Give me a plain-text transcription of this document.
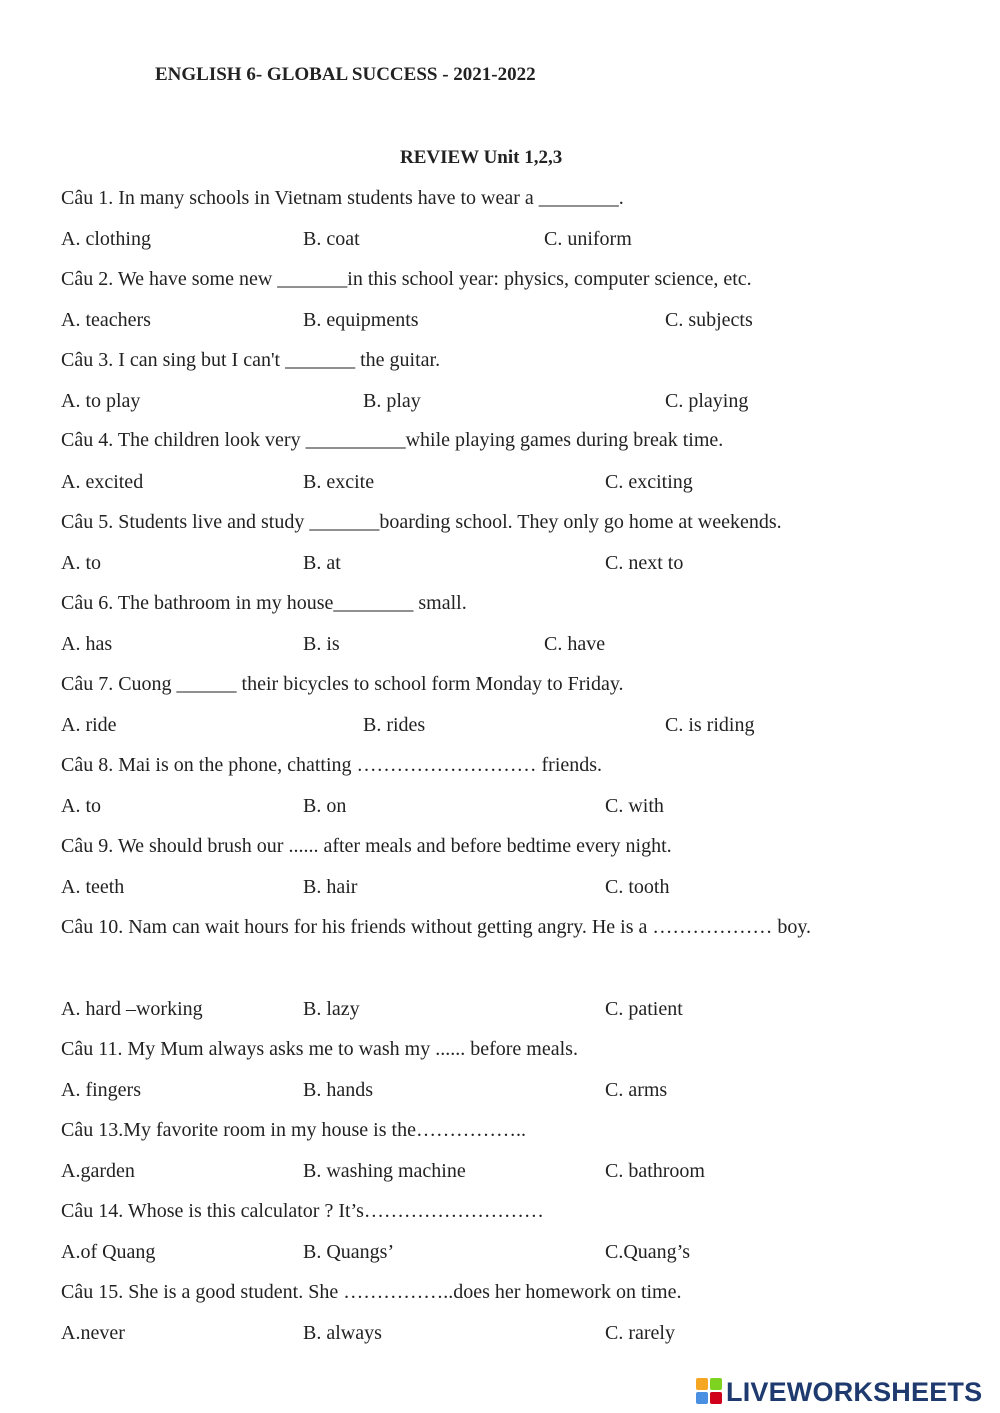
ENGLISH 6- GLOBAL SUCCESS - 2021-2022
REVIEW Unit 1,2,3
Câu 1. In many schools in Vietnam students have to wear a ________.
A. clothing	B. coat	C. uniform
Câu 2. We have some new _______in this school year: physics, computer science, etc.
A. teachers	B. equipments	C. subjects
Câu 3. I can sing but I can't _______ the guitar.
A. to play	B. play	C. playing
Câu 4. The children look very __________while playing games during break time.
A. excited	B. excite	C. exciting
Câu 5. Students live and study _______boarding school. They only go home at weekends.
A. to	B. at	C. next to
Câu 6. The bathroom in my house________ small.
A. has	B. is	C. have
Câu 7. Cuong ______ their bicycles to school form Monday to Friday.
A. ride	B. rides	C. is riding
Câu 8. Mai is on the phone, chatting ……………………… friends.
A. to	B. on	C. with
Câu 9. We should brush our ...... after meals and before bedtime every night.
A. teeth	B. hair	C. tooth
Câu 10. Nam can wait hours for his friends without getting angry. He is a ……………… boy.
A. hard –working	B. lazy	C. patient
Câu 11. My Mum always asks me to wash my ...... before meals.
A. fingers	B. hands	C. arms
Câu 13.My favorite room in my house is the……………..
A.garden	B. washing machine	C. bathroom
Câu 14. Whose is this calculator ? It’s………………………
A.of Quang	B. Quangs’	C.Quang’s
Câu 15. She is a good student. She ……………..does her homework on time.
A.never	B. always	C. rarely
LIVEWORKSHEETS
